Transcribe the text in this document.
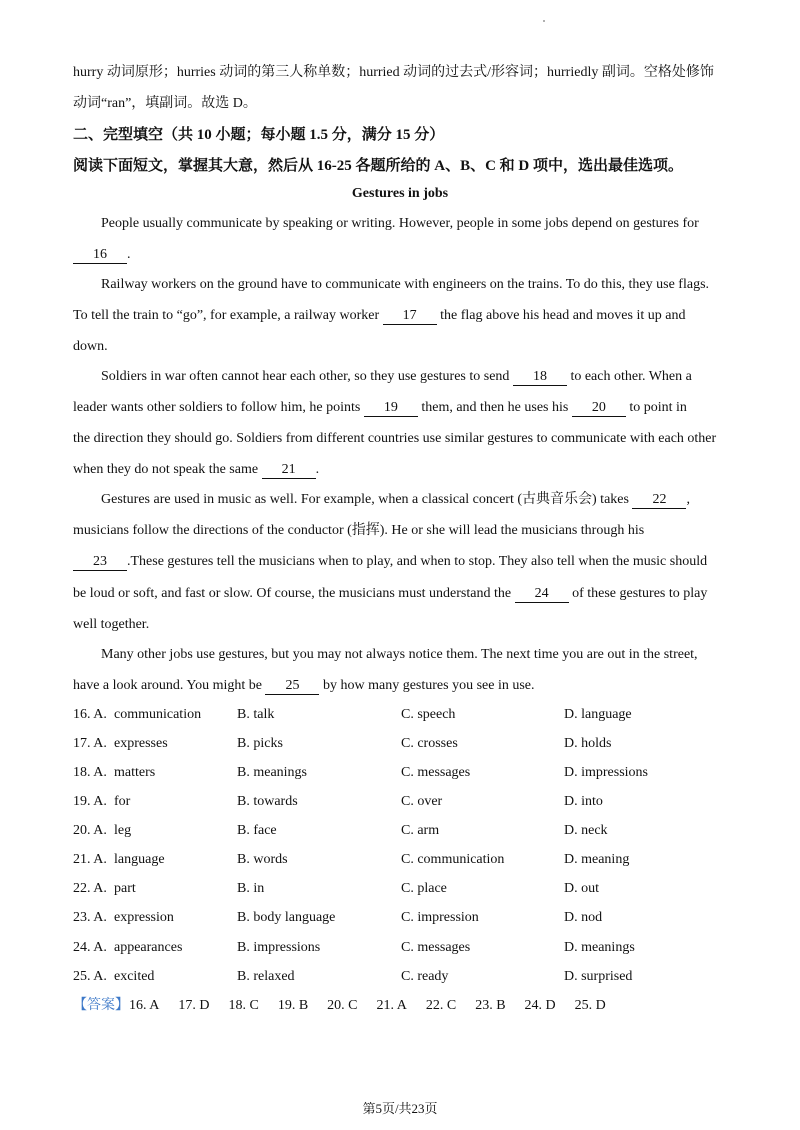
hurry 动词原形；hurries 动词的第三人称单数；hurried 动词的过去式/形容词；hurriedly 副词。空格处修饰
动词“ran”，填副词。故选 D。
二、完型填空（共 10 小题；每小题 1.5 分，满分 15 分）
阅读下面短文，掌握其大意，然后从 16-25 各题所给的 A、B、C 和 D 项中，选出最佳选项。
Gestures in jobs
People usually communicate by speaking or writing. However, people in some jobs depend on gestures for
16 .
Railway workers on the ground have to communicate with engineers on the trains. To do this, they use flags.
To tell the train to “go”, for example, a railway worker 17 the flag above his head and moves it up and
down.
Soldiers in war often cannot hear each other, so they use gestures to send 18 to each other. When a
leader wants other soldiers to follow him, he points 19 them, and then he uses his 20 to point in
the direction they should go. Soldiers from different countries use similar gestures to communicate with each other
when they do not speak the same 21 .
Gestures are used in music as well. For example, when a classical concert (古典音乐会) takes 22 ,
musicians follow the directions of the conductor (指挥). He or she will lead the musicians through his
23 .These gestures tell the musicians when to play, and when to stop. They also tell when the music should
be loud or soft, and fast or slow. Of course, the musicians must understand the 24 of these gestures to play
well together.
Many other jobs use gestures, but you may not always notice them. The next time you are out in the street,
have a look around. You might be 25 by how many gestures you see in use.
16. A. communication	B. talk	C. speech	D. language
17. A. expresses	B. picks	C. crosses	D. holds
18. A. matters	B. meanings	C. messages	D. impressions
19. A. for	B. towards	C. over	D. into
20. A. leg	B. face	C. arm	D. neck
21. A. language	B. words	C. communication	D. meaning
22. A. part	B. in	C. place	D. out
23. A. expression	B. body language	C. impression	D. nod
24. A. appearances	B. impressions	C. messages	D. meanings
25. A. excited	B. relaxed	C. ready	D. surprised
【答案】16. A 17. D 18. C 19. B 20. C 21. A 22. C 23. B 24. D 25. D
第5页/共23页
